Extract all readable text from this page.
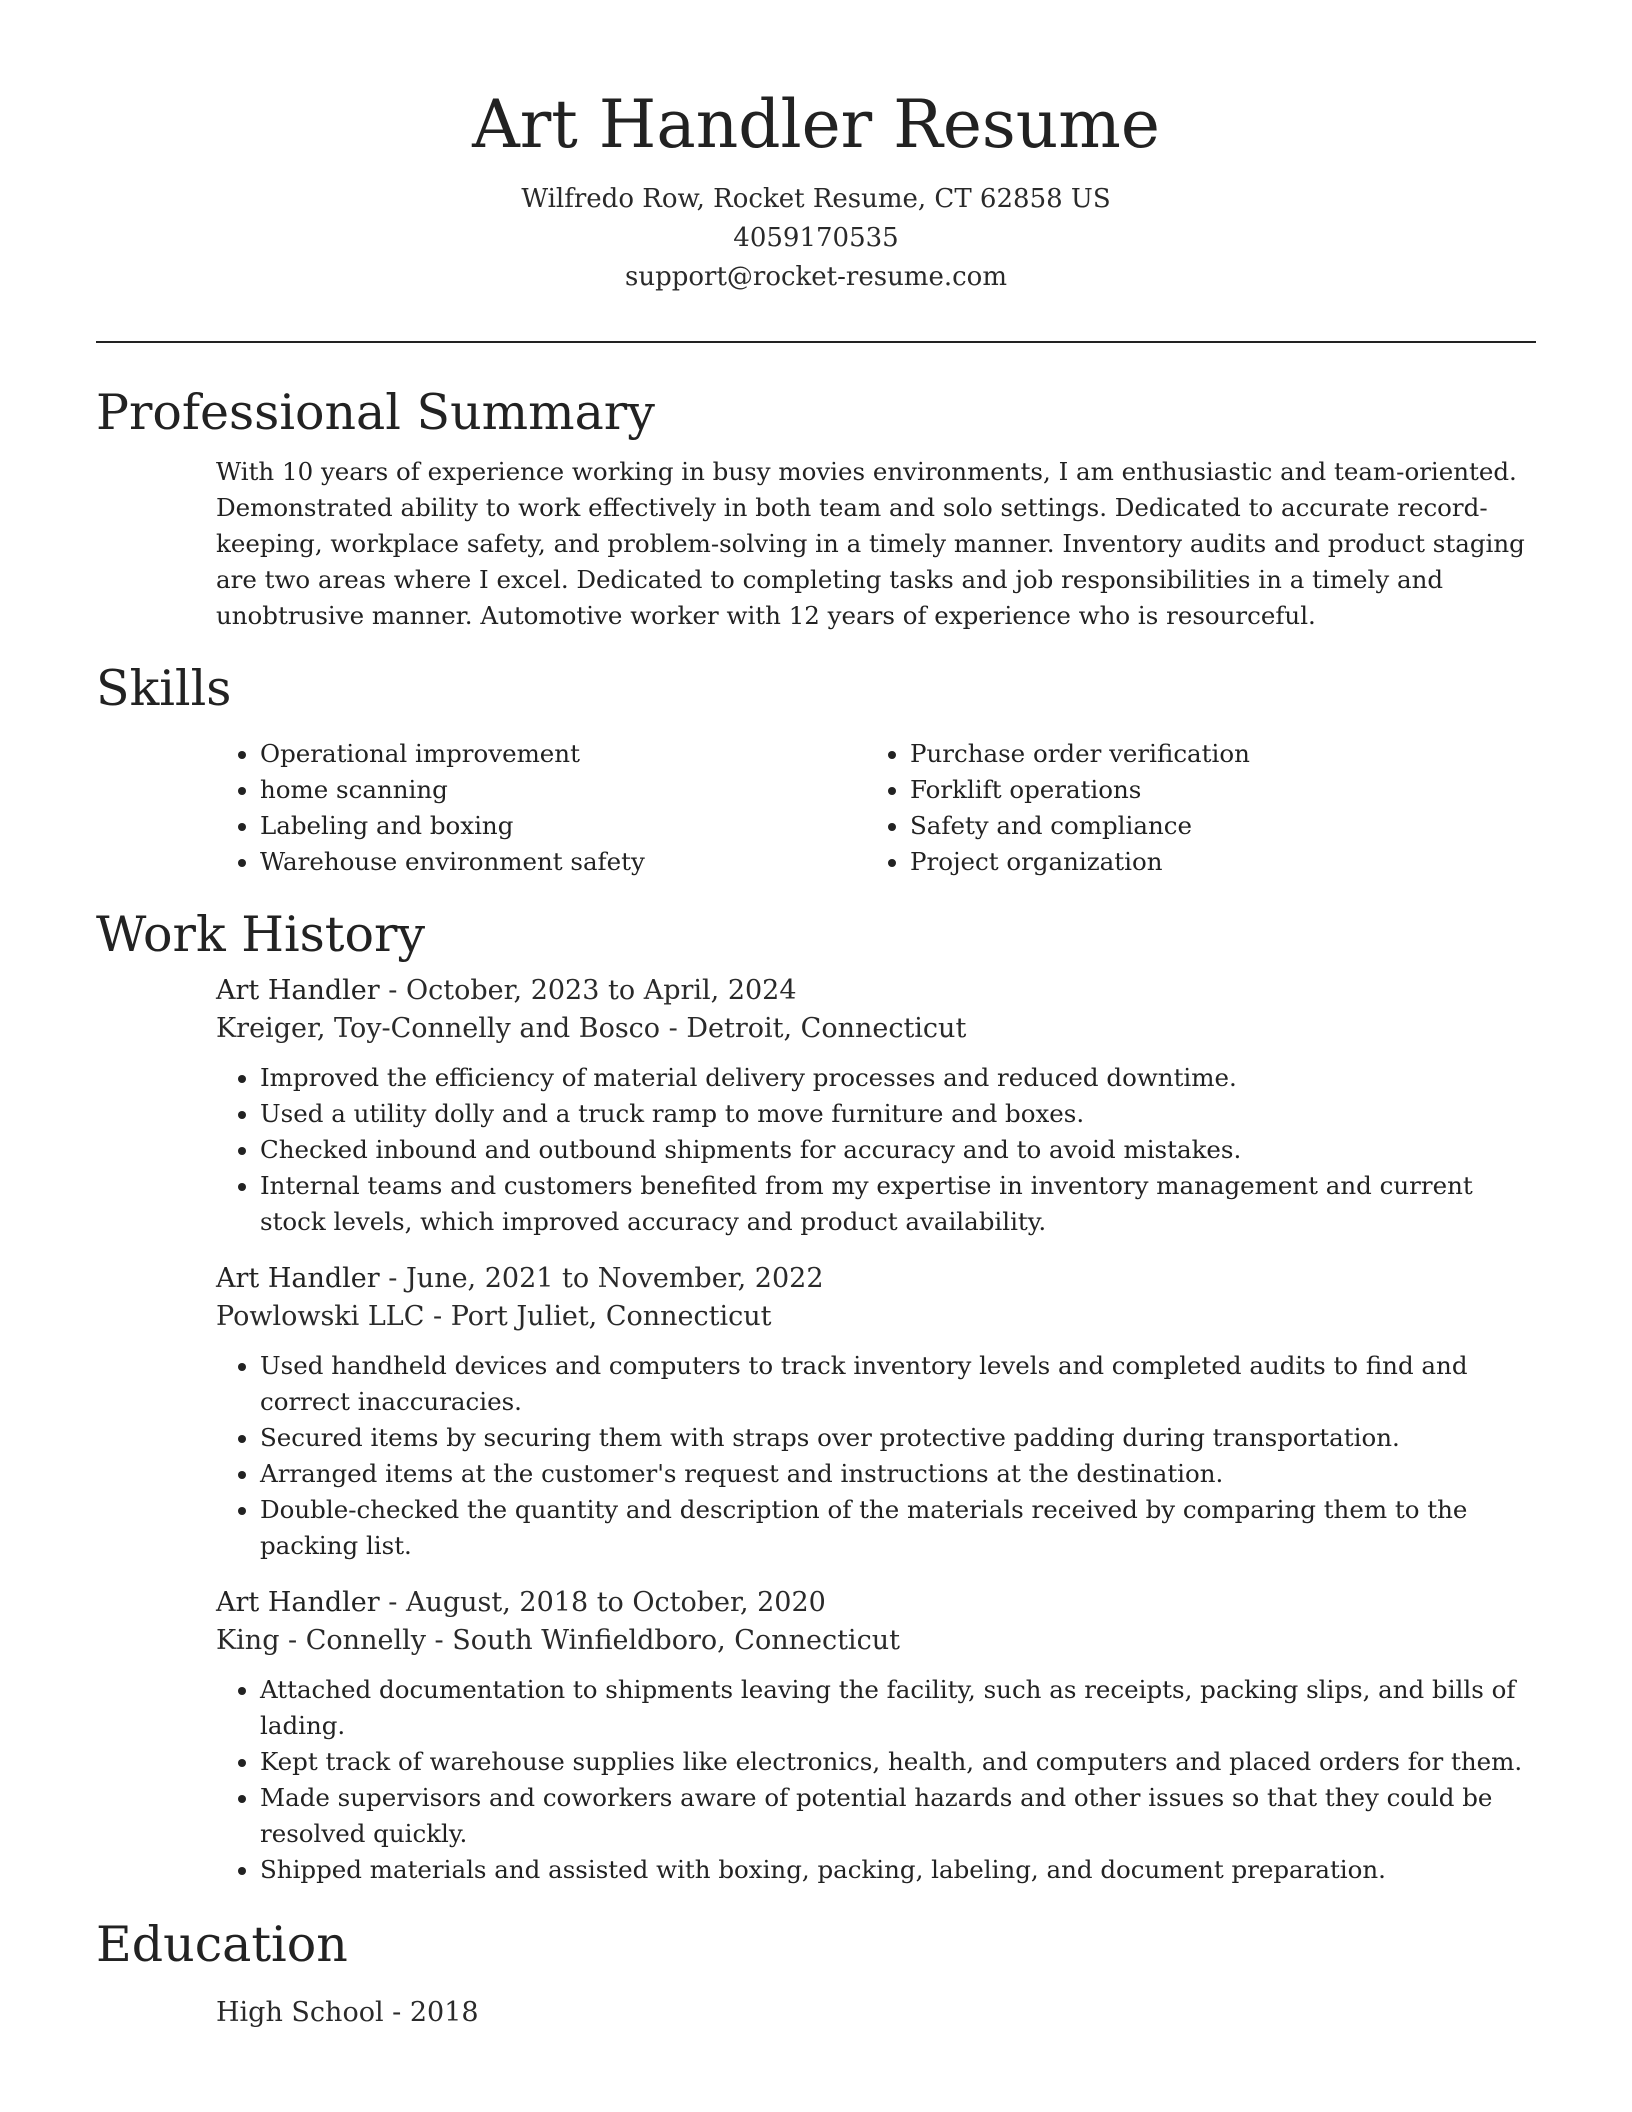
Art Handler Resume
Wilfredo Row, Rocket Resume, CT 62858 US
4059170535
support@rocket-resume.com
Professional Summary

With 10 years of experience working in busy movies environments, I am enthusiastic and team-oriented. Demonstrated ability to work effectively in both team and solo settings. Dedicated to accurate record-keeping, workplace safety, and problem-solving in a timely manner. Inventory audits and product staging are two areas where I excel. Dedicated to completing tasks and job responsibilities in a timely and unobtrusive manner. Automotive worker with 12 years of experience who is resourceful.

Skills
• Operational improvement
• home scanning
• Labeling and boxing
• Warehouse environment safety
• Purchase order verification
• Forklift operations
• Safety and compliance
• Project organization
Work History
Art Handler - October, 2023 to April, 2024
Kreiger, Toy-Connelly and Bosco - Detroit, Connecticut
• Improved the efficiency of material delivery processes and reduced downtime.
• Used a utility dolly and a truck ramp to move furniture and boxes.
• Checked inbound and outbound shipments for accuracy and to avoid mistakes.
• Internal teams and customers benefited from my expertise in inventory management and current stock levels, which improved accuracy and product availability.
Art Handler - June, 2021 to November, 2022
Powlowski LLC - Port Juliet, Connecticut
• Used handheld devices and computers to track inventory levels and completed audits to find and correct inaccuracies.
• Secured items by securing them with straps over protective padding during transportation.
• Arranged items at the customer's request and instructions at the destination.
• Double-checked the quantity and description of the materials received by comparing them to the packing list.
Art Handler - August, 2018 to October, 2020
King - Connelly - South Winfieldboro, Connecticut
• Attached documentation to shipments leaving the facility, such as receipts, packing slips, and bills of lading.
• Kept track of warehouse supplies like electronics, health, and computers and placed orders for them.
• Made supervisors and coworkers aware of potential hazards and other issues so that they could be resolved quickly.
• Shipped materials and assisted with boxing, packing, labeling, and document preparation.
Education
High School - 2018
